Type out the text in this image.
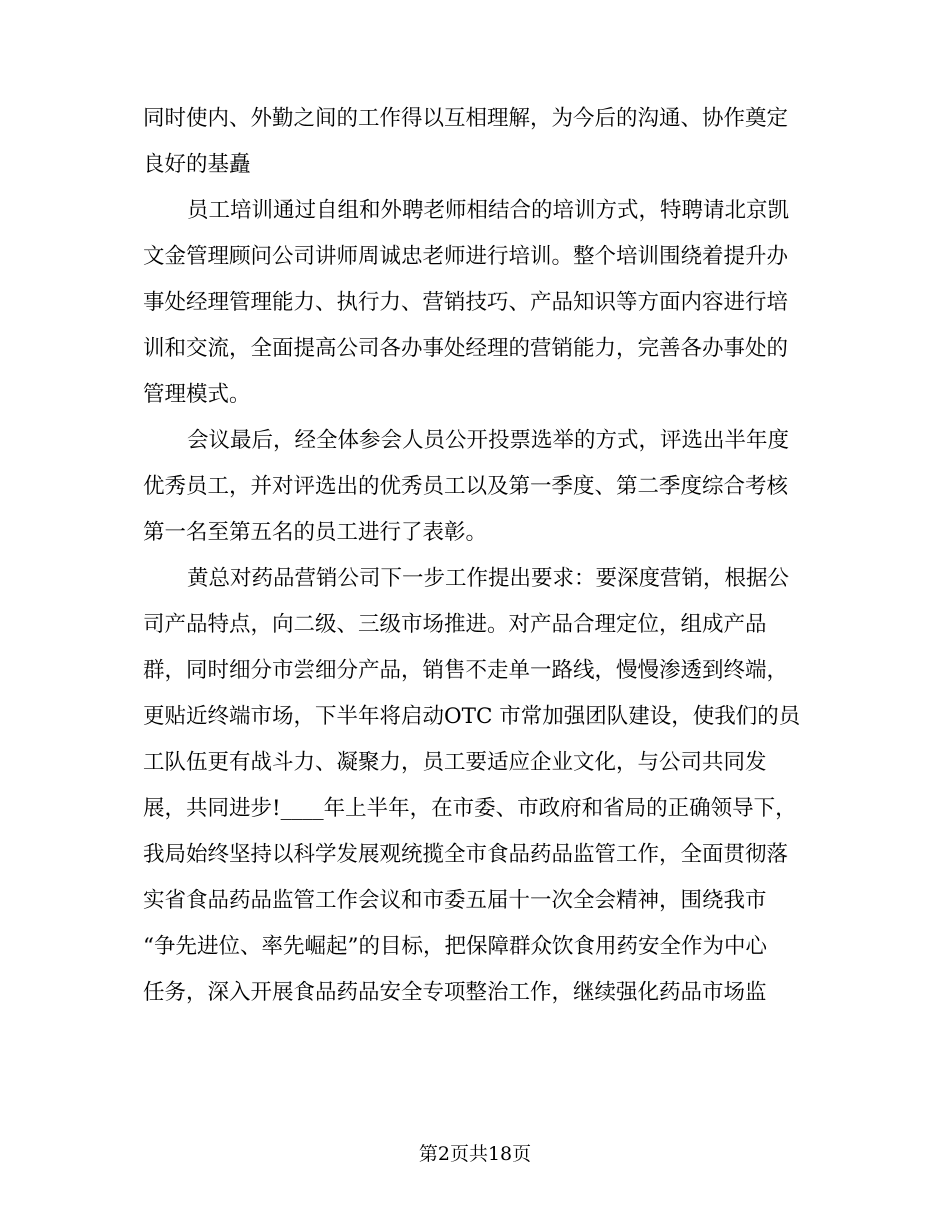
同时使内、外勤之间的工作得以互相理解，为今后的沟通、协作奠定
良好的基矗
员工培训通过自组和外聘老师相结合的培训方式，特聘请北京凯
文金管理顾问公司讲师周诚忠老师进行培训。整个培训围绕着提升办
事处经理管理能力、执行力、营销技巧、产品知识等方面内容进行培
训和交流，全面提高公司各办事处经理的营销能力，完善各办事处的
管理模式。
会议最后，经全体参会人员公开投票选举的方式，评选出半年度
优秀员工，并对评选出的优秀员工以及第一季度、第二季度综合考核
第一名至第五名的员工进行了表彰。
黄总对药品营销公司下一步工作提出要求：要深度营销，根据公
司产品特点，向二级、三级市场推进。对产品合理定位，组成产品
群，同时细分市尝细分产品，销售不走单一路线，慢慢渗透到终端，
更贴近终端市场，下半年将启动OTC 市常加强团队建设，使我们的员
工队伍更有战斗力、凝聚力，员工要适应企业文化，与公司共同发
展，共同进步!____年上半年，在市委、市政府和省局的正确领导下，
我局始终坚持以科学发展观统揽全市食品药品监管工作，全面贯彻落
实省食品药品监管工作会议和市委五届十一次全会精神，围绕我市
“争先进位、率先崛起”的目标，把保障群众饮食用药安全作为中心
任务，深入开展食品药品安全专项整治工作，继续强化药品市场监
第2页共18页
